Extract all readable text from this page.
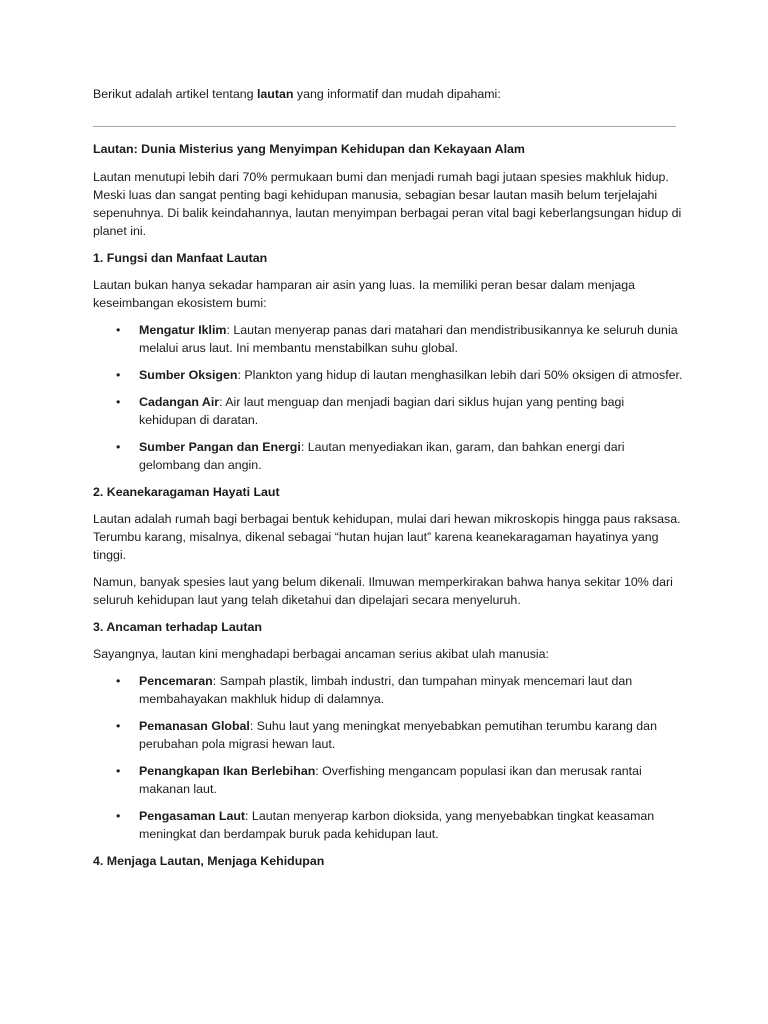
Berikut adalah artikel tentang lautan yang informatif dan mudah dipahami:

Lautan: Dunia Misterius yang Menyimpan Kehidupan dan Kekayaan Alam

Lautan menutupi lebih dari 70% permukaan bumi dan menjadi rumah bagi jutaan spesies makhluk hidup. Meski luas dan sangat penting bagi kehidupan manusia, sebagian besar lautan masih belum terjelajahi sepenuhnya. Di balik keindahannya, lautan menyimpan berbagai peran vital bagi keberlangsungan hidup di planet ini.

1. Fungsi dan Manfaat Lautan

Lautan bukan hanya sekadar hamparan air asin yang luas. Ia memiliki peran besar dalam menjaga keseimbangan ekosistem bumi:

• Mengatur Iklim: Lautan menyerap panas dari matahari dan mendistribusikannya ke seluruh dunia melalui arus laut. Ini membantu menstabilkan suhu global.
• Sumber Oksigen: Plankton yang hidup di lautan menghasilkan lebih dari 50% oksigen di atmosfer.
• Cadangan Air: Air laut menguap dan menjadi bagian dari siklus hujan yang penting bagi kehidupan di daratan.
• Sumber Pangan dan Energi: Lautan menyediakan ikan, garam, dan bahkan energi dari gelombang dan angin.
2. Keanekaragaman Hayati Laut

Lautan adalah rumah bagi berbagai bentuk kehidupan, mulai dari hewan mikroskopis hingga paus raksasa. Terumbu karang, misalnya, dikenal sebagai “hutan hujan laut” karena keanekaragaman hayatinya yang tinggi.

Namun, banyak spesies laut yang belum dikenali. Ilmuwan memperkirakan bahwa hanya sekitar 10% dari seluruh kehidupan laut yang telah diketahui dan dipelajari secara menyeluruh.

3. Ancaman terhadap Lautan

Sayangnya, lautan kini menghadapi berbagai ancaman serius akibat ulah manusia:

• Pencemaran: Sampah plastik, limbah industri, dan tumpahan minyak mencemari laut dan membahayakan makhluk hidup di dalamnya.
• Pemanasan Global: Suhu laut yang meningkat menyebabkan pemutihan terumbu karang dan perubahan pola migrasi hewan laut.
• Penangkapan Ikan Berlebihan: Overfishing mengancam populasi ikan dan merusak rantai makanan laut.
• Pengasaman Laut: Lautan menyerap karbon dioksida, yang menyebabkan tingkat keasaman meningkat dan berdampak buruk pada kehidupan laut.
4. Menjaga Lautan, Menjaga Kehidupan
